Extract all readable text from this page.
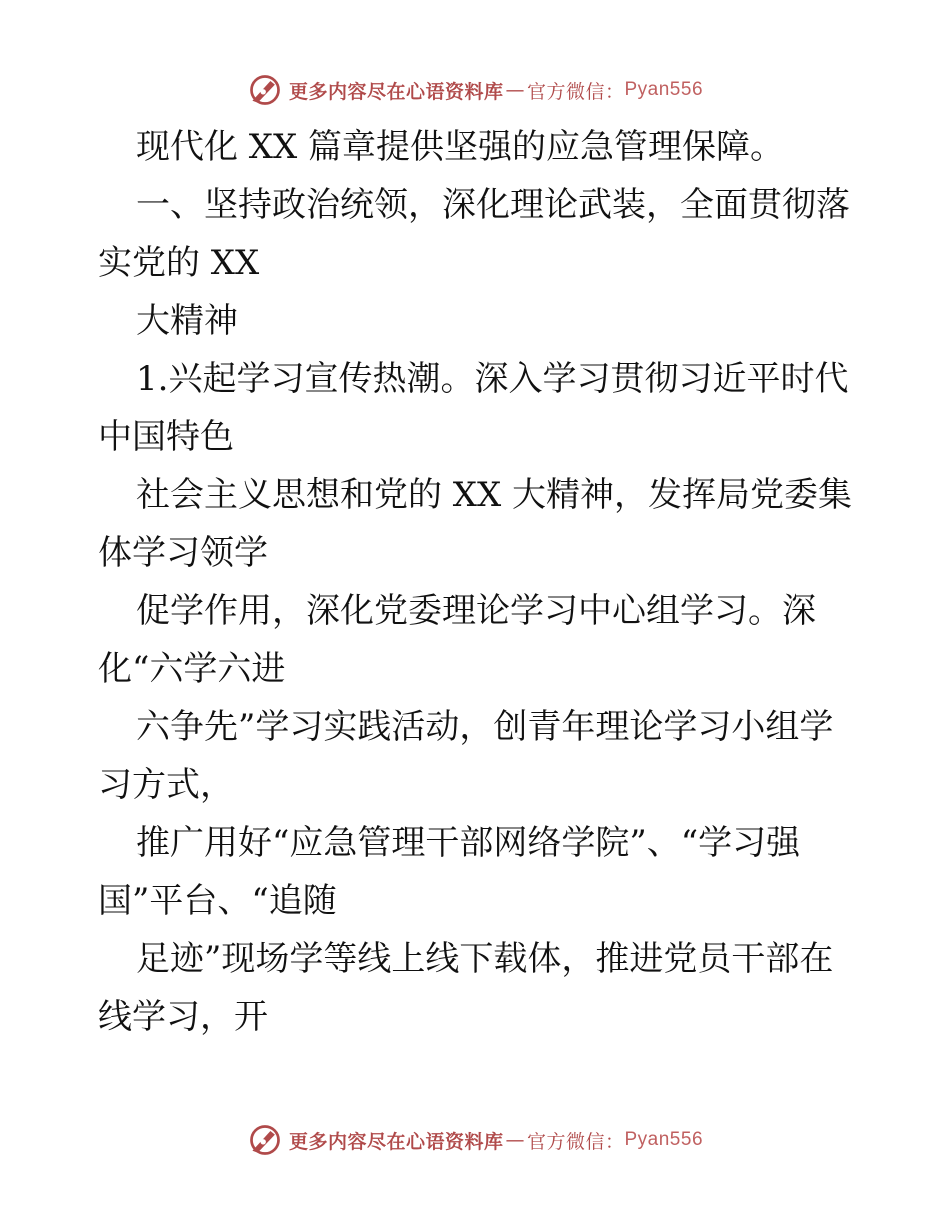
更多内容尽在心语资料库 — 官方微信： Pyan556
现代化 XX 篇章提供坚强的应急管理保障。
一、坚持政治统领，深化理论武装，全面贯彻落
实党的 XX
大精神
1.兴起学习宣传热潮。深入学习贯彻习近平时代
中国特色
社会主义思想和党的 XX 大精神，发挥局党委集
体学习领学
促学作用，深化党委理论学习中心组学习。深
化“六学六进
六争先”学习实践活动，创青年理论学习小组学
习方式，
推广用好“应急管理干部网络学院”、“学习强
国”平台、“追随
足迹”现场学等线上线下载体，推进党员干部在
线学习，开
更多内容尽在心语资料库 — 官方微信： Pyan556
